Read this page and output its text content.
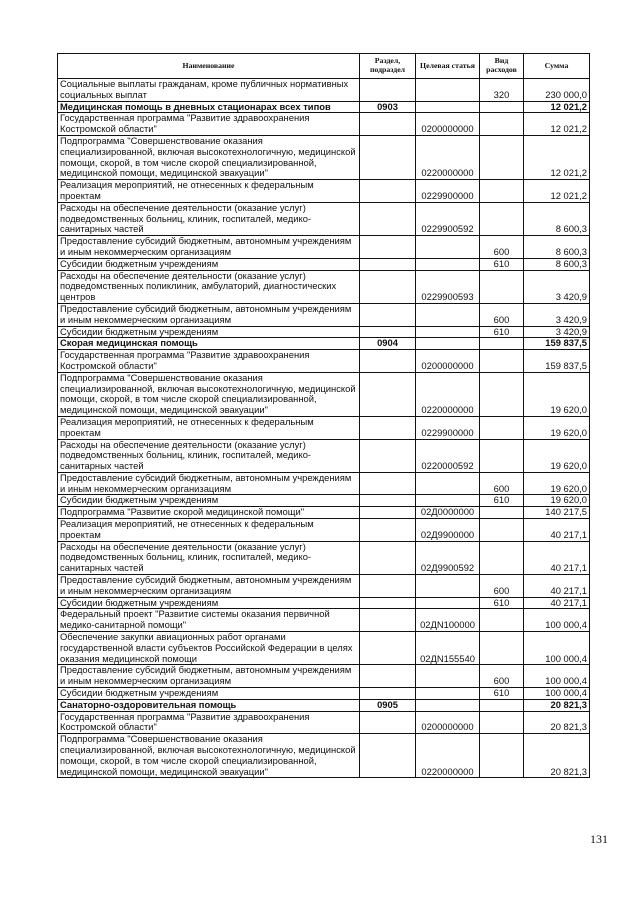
Наименование	Раздел, подраздел	Целевая статья	Вид расходов	Сумма
Социальные выплаты гражданам, кроме публичных нормативных социальных выплат			320	230 000,0
Медицинская помощь в дневных стационарах всех типов	0903			12 021,2
Государственная программа "Развитие здравоохранения Костромской области"		0200000000		12 021,2
Подпрограмма "Совершенствование оказания специализированной, включая высокотехнологичную, медицинской помощи, скорой, в том числе скорой специализированной, медицинской помощи, медицинской эвакуации"		0220000000		12 021,2
Реализация мероприятий, не отнесенных к федеральным проектам		0229900000		12 021,2
Расходы на обеспечение деятельности (оказание услуг) подведомственных больниц, клиник, госпиталей, медико-санитарных частей		0229900592		8 600,3
Предоставление субсидий бюджетным, автономным учреждениям и иным некоммерческим организациям			600	8 600,3
Субсидии бюджетным учреждениям			610	8 600,3
Расходы на обеспечение деятельности (оказание услуг) подведомственных поликлиник, амбулаторий, диагностических центров		0229900593		3 420,9
Предоставление субсидий бюджетным, автономным учреждениям и иным некоммерческим организациям			600	3 420,9
Субсидии бюджетным учреждениям			610	3 420,9
Скорая медицинская помощь	0904			159 837,5
Государственная программа "Развитие здравоохранения Костромской области"		0200000000		159 837,5
Подпрограмма "Совершенствование оказания специализированной, включая высокотехнологичную, медицинской помощи, скорой, в том числе скорой специализированной, медицинской помощи, медицинской эвакуации"		0220000000		19 620,0
Реализация мероприятий, не отнесенных к федеральным проектам		0229900000		19 620,0
Расходы на обеспечение деятельности (оказание услуг) подведомственных больниц, клиник, госпиталей, медико-санитарных частей		0220000592		19 620,0
Предоставление субсидий бюджетным, автономным учреждениям и иным некоммерческим организациям			600	19 620,0
Субсидии бюджетным учреждениям			610	19 620,0
Подпрограмма "Развитие скорой медицинской помощи"		02Д0000000		140 217,5
Реализация мероприятий, не отнесенных к федеральным проектам		02Д9900000		40 217,1
Расходы на обеспечение деятельности (оказание услуг) подведомственных больниц, клиник, госпиталей, медико-санитарных частей		02Д9900592		40 217,1
Предоставление субсидий бюджетным, автономным учреждениям и иным некоммерческим организациям			600	40 217,1
Субсидии бюджетным учреждениям			610	40 217,1
Федеральный проект "Развитие системы оказания первичной медико-санитарной помощи"		02ДN100000		100 000,4
Обеспечение закупки авиационных работ органами государственной власти субъектов Российской Федерации в целях оказания медицинской помощи		02ДN155540		100 000,4
Предоставление субсидий бюджетным, автономным учреждениям и иным некоммерческим организациям			600	100 000,4
Субсидии бюджетным учреждениям			610	100 000,4
Санаторно-оздоровительная помощь	0905			20 821,3
Государственная программа "Развитие здравоохранения Костромской области"		0200000000		20 821,3
Подпрограмма "Совершенствование оказания специализированной, включая высокотехнологичную, медицинской помощи, скорой, в том числе скорой специализированной, медицинской помощи, медицинской эвакуации"		0220000000		20 821,3
131
